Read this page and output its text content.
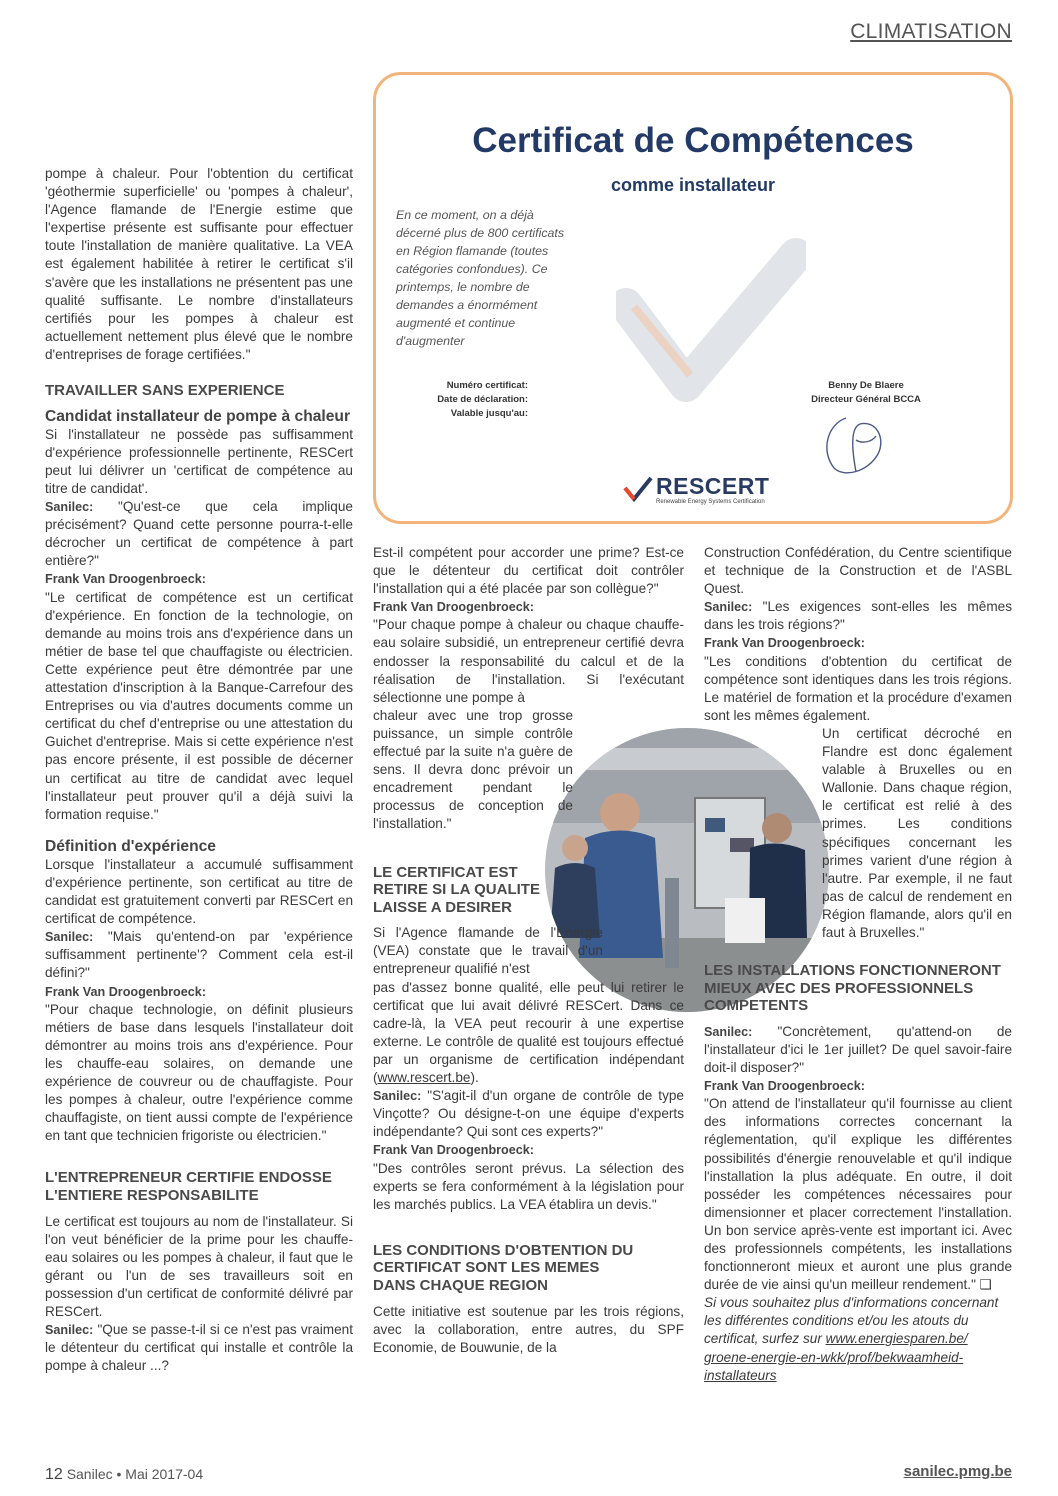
CLIMATISATION
Certificat de Compétences
comme installateur
En ce moment, on a déjà décerné plus de 800 certificats en Région flamande (toutes catégories confondues). Ce printemps, le nombre de demandes a énormément augmenté et continue d'augmenter
Numéro certificat:
Date de déclaration:
Valable jusqu'au:
Benny De Blaere
Directeur Général BCCA
RESCERT
Renewable Energy Systems Certification

pompe à chaleur. Pour l'obtention du certificat 'géothermie superficielle' ou 'pompes à chaleur', l'Agence flamande de l'Energie estime que l'expertise présente est suffisante pour effectuer toute l'installation de manière qualitative. La VEA est également habilitée à retirer le certificat s'il s'avère que les installations ne présentent pas une qualité suffisante. Le nombre d'installateurs certifiés pour les pompes à chaleur est actuellement nettement plus élevé que le nombre d'entreprises de forage certifiées."

TRAVAILLER SANS EXPERIENCE
Candidat installateur de pompe à chaleur

Si l'installateur ne possède pas suffisamment d'expérience professionnelle pertinente, RESCert peut lui délivrer un 'certificat de compétence au titre de candidat'.

Sanilec: "Qu'est-ce que cela implique précisément? Quand cette personne pourra-t-elle décrocher un certificat de compétence à part entière?"

Frank Van Droogenbroeck:

"Le certificat de compétence est un certificat d'expérience. En fonction de la technologie, on demande au moins trois ans d'expérience dans un métier de base tel que chauffagiste ou électricien. Cette expérience peut être démontrée par une attestation d'inscription à la Banque-Carrefour des Entreprises ou via d'autres documents comme un certificat du chef d'entreprise ou une attestation du Guichet d'entreprise. Mais si cette expérience n'est pas encore présente, il est possible de décerner un certificat au titre de candidat avec lequel l'installateur peut prouver qu'il a déjà suivi la formation requise."

Définition d'expérience

Lorsque l'installateur a accumulé suffisamment d'expérience pertinente, son certificat au titre de candidat est gratuitement converti par RESCert en certificat de compétence.

Sanilec: "Mais qu'entend-on par 'expérience suffisamment pertinente'? Comment cela est-il défini?"

Frank Van Droogenbroeck:

"Pour chaque technologie, on définit plusieurs métiers de base dans lesquels l'installateur doit démontrer au moins trois ans d'expérience. Pour les chauffe-eau solaires, on demande une expérience de couvreur ou de chauffagiste. Pour les pompes à chaleur, outre l'expérience comme chauffagiste, on tient aussi compte de l'expérience en tant que technicien frigoriste ou électricien."

L'ENTREPRENEUR CERTIFIE ENDOSSE L'ENTIERE RESPONSABILITE

Le certificat est toujours au nom de l'installateur. Si l'on veut bénéficier de la prime pour les chauffe-eau solaires ou les pompes à chaleur, il faut que le gérant ou l'un de ses travailleurs soit en possession d'un certificat de conformité délivré par RESCert.

Sanilec: "Que se passe-t-il si ce n'est pas vraiment le détenteur du certificat qui installe et contrôle la pompe à chaleur ...?

Est-il compétent pour accorder une prime? Est-ce que le détenteur du certificat doit contrôler l'installation qui a été placée par son collègue?"

Frank Van Droogenbroeck:

"Pour chaque pompe à chaleur ou chaque chauffe-eau solaire subsidié, un entrepreneur certifié devra endosser la responsabilité du calcul et de la réalisation de l'installation. Si l'exécutant sélectionne une pompe à

chaleur avec une trop grosse puissance, un simple contrôle effectué par la suite n'a guère de sens. Il devra donc prévoir un encadrement pendant le processus de conception de l'installation."

LE CERTIFICAT EST RETIRE SI LA QUALITE LAISSE A DESIRER

Si l'Agence flamande de l'Energie (VEA) constate que le travail d'un entrepreneur qualifié n'est

pas d'assez bonne qualité, elle peut lui retirer le certificat que lui avait délivré RESCert. Dans ce cadre-là, la VEA peut recourir à une expertise externe. Le contrôle de qualité est toujours effectué par un organisme de certification indépendant (www.rescert.be).

Sanilec: "S'agit-il d'un organe de contrôle de type Vinçotte? Ou désigne-t-on une équipe d'experts indépendante? Qui sont ces experts?"

Frank Van Droogenbroeck:

"Des contrôles seront prévus. La sélection des experts se fera conformément à la législation pour les marchés publics. La VEA établira un devis."

LES CONDITIONS D'OBTENTION DU CERTIFICAT SONT LES MEMES DANS CHAQUE REGION

Cette initiative est soutenue par les trois régions, avec la collaboration, entre autres, du SPF Economie, de Bouwunie, de la

Construction Confédération, du Centre scientifique et technique de la Construction et de l'ASBL Quest.

Sanilec: "Les exigences sont-elles les mêmes dans les trois régions?"

Frank Van Droogenbroeck:

"Les conditions d'obtention du certificat de compétence sont identiques dans les trois régions. Le matériel de formation et la procédure d'examen sont les mêmes également.

Un certificat décroché en Flandre est donc également valable à Bruxelles ou en Wallonie. Dans chaque région, le certificat est relié à des primes. Les conditions spécifiques concernant les primes varient d'une région à l'autre. Par exemple, il ne faut pas de calcul de rendement en Région flamande, alors qu'il en faut à Bruxelles."

LES INSTALLATIONS FONCTIONNERONT MIEUX AVEC DES PROFESSIONNELS COMPETENTS

Sanilec: "Concrètement, qu'attend-on de l'installateur d'ici le 1er juillet? De quel savoir-faire doit-il disposer?"

Frank Van Droogenbroeck:

"On attend de l'installateur qu'il fournisse au client des informations correctes concernant la réglementation, qu'il explique les différentes possibilités d'énergie renouvelable et qu'il indique l'installation la plus adéquate. En outre, il doit posséder les compétences nécessaires pour dimensionner et placer correctement l'installation. Un bon service après-vente est important ici. Avec des professionnels compétents, les installations fonctionneront mieux et auront une plus grande durée de vie ainsi qu'un meilleur rendement." ❑

Si vous souhaitez plus d'informations concernant les différentes conditions et/ou les atouts du certificat, surfez sur www.energiesparen.be/
groene-energie-en-wkk/prof/bekwaamheid-installateurs

12 Sanilec • Mai 2017-04	sanilec.pmg.be
